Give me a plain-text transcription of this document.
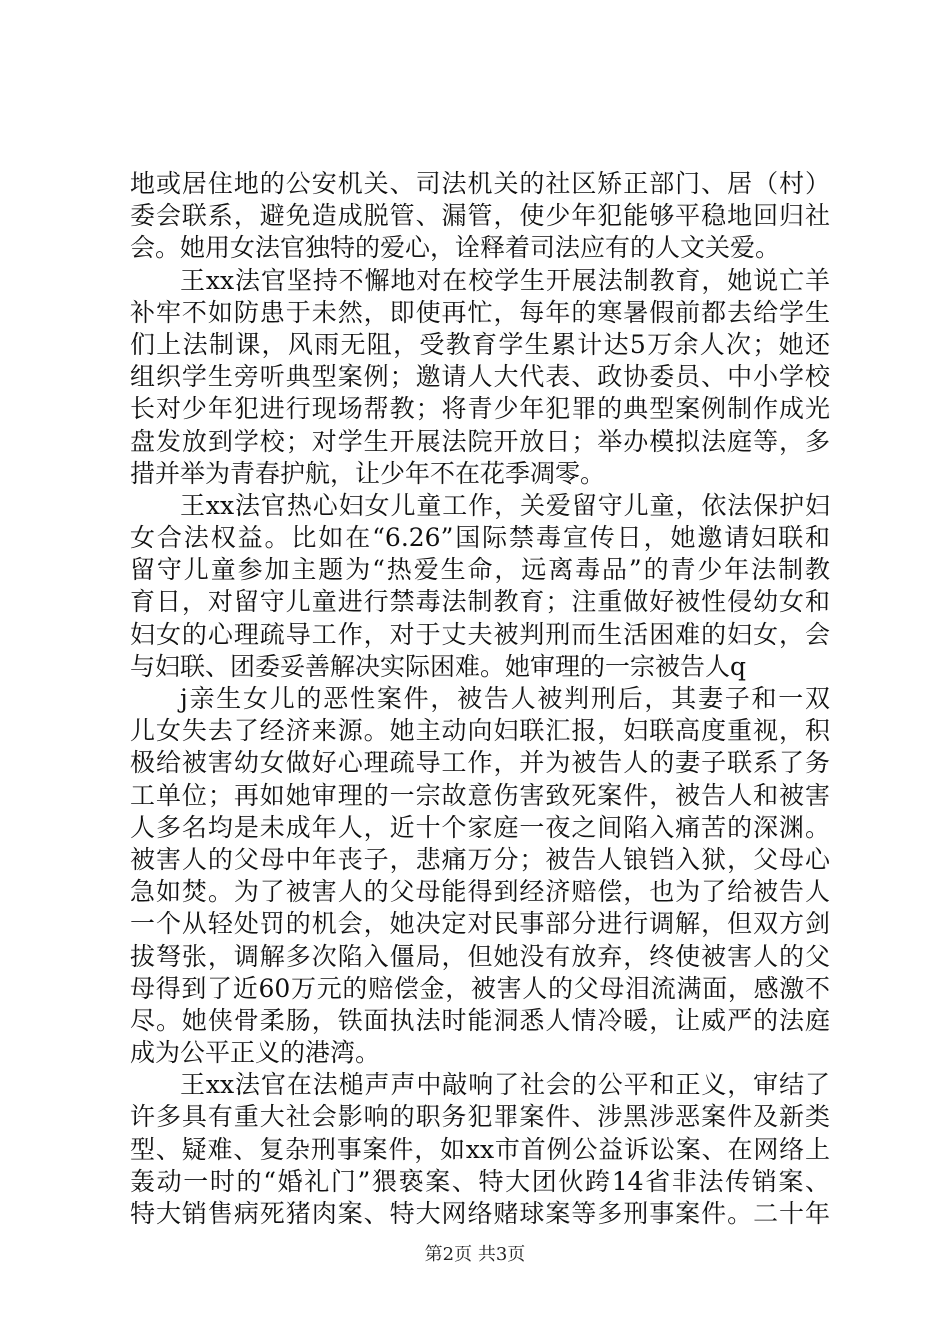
地或居住地的公安机关、司法机关的社区矫正部门、居（村）
委会联系，避免造成脱管、漏管，使少年犯能够平稳地回归社
会。她用女法官独特的爱心，诠释着司法应有的人文关爱。
王xx法官坚持不懈地对在校学生开展法制教育，她说亡羊
补牢不如防患于未然，即使再忙，每年的寒暑假前都去给学生
们上法制课，风雨无阻，受教育学生累计达5万余人次；她还
组织学生旁听典型案例；邀请人大代表、政协委员、中小学校
长对少年犯进行现场帮教；将青少年犯罪的典型案例制作成光
盘发放到学校；对学生开展法院开放日；举办模拟法庭等，多
措并举为青春护航，让少年不在花季凋零。
王xx法官热心妇女儿童工作，关爱留守儿童，依法保护妇
女合法权益。比如在“6.26”国际禁毒宣传日，她邀请妇联和
留守儿童参加主题为“热爱生命，远离毒品”的青少年法制教
育日，对留守儿童进行禁毒法制教育；注重做好被性侵幼女和
妇女的心理疏导工作，对于丈夫被判刑而生活困难的妇女，会
与妇联、团委妥善解决实际困难。她审理的一宗被告人q
j亲生女儿的恶性案件，被告人被判刑后，其妻子和一双
儿女失去了经济来源。她主动向妇联汇报，妇联高度重视，积
极给被害幼女做好心理疏导工作，并为被告人的妻子联系了务
工单位；再如她审理的一宗故意伤害致死案件，被告人和被害
人多名均是未成年人，近十个家庭一夜之间陷入痛苦的深渊。
被害人的父母中年丧子，悲痛万分；被告人锒铛入狱，父母心
急如焚。为了被害人的父母能得到经济赔偿，也为了给被告人
一个从轻处罚的机会，她决定对民事部分进行调解，但双方剑
拔弩张，调解多次陷入僵局，但她没有放弃，终使被害人的父
母得到了近60万元的赔偿金，被害人的父母泪流满面，感激不
尽。她侠骨柔肠，铁面执法时能洞悉人情冷暖，让威严的法庭
成为公平正义的港湾。
王xx法官在法槌声声中敲响了社会的公平和正义，审结了
许多具有重大社会影响的职务犯罪案件、涉黑涉恶案件及新类
型、疑难、复杂刑事案件，如xx市首例公益诉讼案、在网络上
轰动一时的“婚礼门”猥亵案、特大团伙跨14省非法传销案、
特大销售病死猪肉案、特大网络赌球案等多刑事案件。二十年
第2页 共3页
